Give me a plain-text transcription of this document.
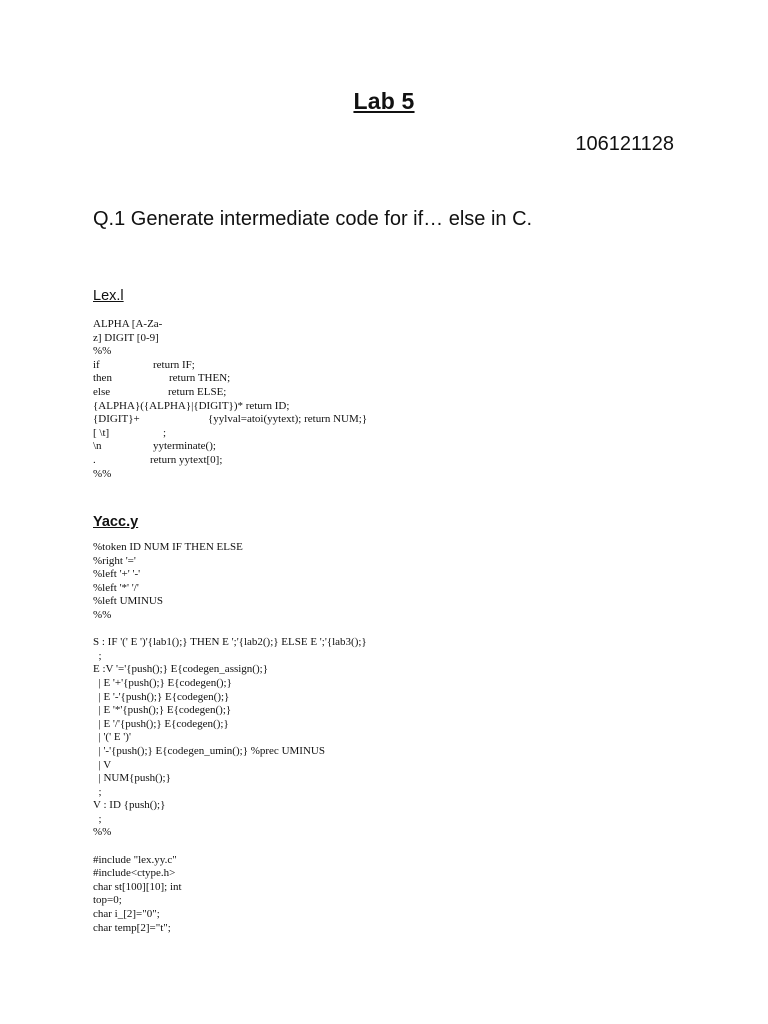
Lab 5
106121128
Q.1 Generate intermediate code for if… else in C.
Lex.l
ALPHA [A-Za-
z] DIGIT [0-9]
%%
if	return IF;
then	return THEN;
else	return ELSE;
{ALPHA}({ALPHA}|{DIGIT})* return ID;
{DIGIT}+	{yylval=atoi(yytext); return NUM;}
[ \t]	;
\n	yyterminate();
.	return yytext[0];
%%
Yacc.y
%token ID NUM IF THEN ELSE
%right '='
%left '+' '-'
%left '*' '/'
%left UMINUS
%%
S : IF '(' E ')'{lab1();} THEN E ';'{lab2();} ELSE E ';'{lab3();}
;
E :V '='{push();} E{codegen_assign();}
| E '+'{push();} E{codegen();}
| E '-'{push();} E{codegen();}
| E '*'{push();} E{codegen();}
| E '/'{push();} E{codegen();}
| '(' E ')'
| '-'{push();} E{codegen_umin();} %prec UMINUS
| V
| NUM{push();}
;
V : ID {push();}
;
%%
#include "lex.yy.c"
#include<ctype.h>
char st[100][10]; int
top=0;
char i_[2]="0";
char temp[2]="t";
